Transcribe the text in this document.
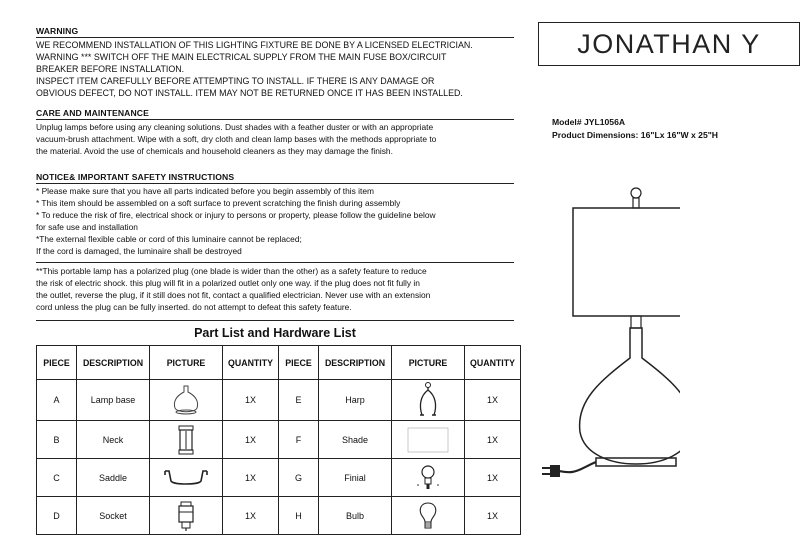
WARNING
WE RECOMMEND INSTALLATION OF THIS LIGHTING FIXTURE BE DONE BY A LICENSED ELECTRICIAN.
WARNING *** SWITCH OFF THE MAIN ELECTRICAL SUPPLY FROM THE MAIN FUSE BOX/CIRCUIT
BREAKER BEFORE INSTALLATION.
INSPECT ITEM CAREFULLY BEFORE ATTEMPTING TO INSTALL. IF THERE IS ANY DAMAGE OR
OBVIOUS DEFECT, DO NOT INSTALL. ITEM MAY NOT BE RETURNED ONCE IT HAS BEEN INSTALLED.
CARE AND MAINTENANCE
Unplug lamps before using any cleaning solutions. Dust shades with a feather duster or with an appropriate
vacuum-brush attachment. Wipe with a soft, dry cloth and clean lamp bases with the methods appropriate to
the material. Avoid the use of chemicals and household cleaners as they may damage the finish.
NOTICE& IMPORTANT SAFETY INSTRUCTIONS
* Please make sure that you have all parts indicated before you begin assembly of this item
* This item should be assembled on a soft surface to prevent scratching the finish during assembly
* To reduce the risk of fire, electrical shock or injury to persons or property, please follow the guideline below
for safe use and installation
*The external flexible cable or cord of this luminaire cannot be replaced;
If the cord is damaged, the luminaire shall be destroyed
**This portable lamp has a polarized plug (one blade is wider than the other) as a safety feature to reduce
the risk of electric shock. this plug will fit in a polarized outlet only one way. if the plug does not fit fully in
the outlet, reverse the plug, if it still does not fit, contact a qualified electrician. Never use with an extension
cord unless the plug can be fully inserted. do not attempt to defeat this safety feature.
JONATHAN Y
Model# JYL1056A
Product Dimensions: 16"Lx 16"W x 25"H
Part List and Hardware List
PIECE	DESCRIPTION	PICTURE	QUANTITY	PIECE	DESCRIPTION	PICTURE	QUANTITY
A	Lamp base		1X	E	Harp		1X
B	Neck		1X	F	Shade		1X
C	Saddle		1X	G	Finial		1X
D	Socket		1X	H	Bulb		1X
